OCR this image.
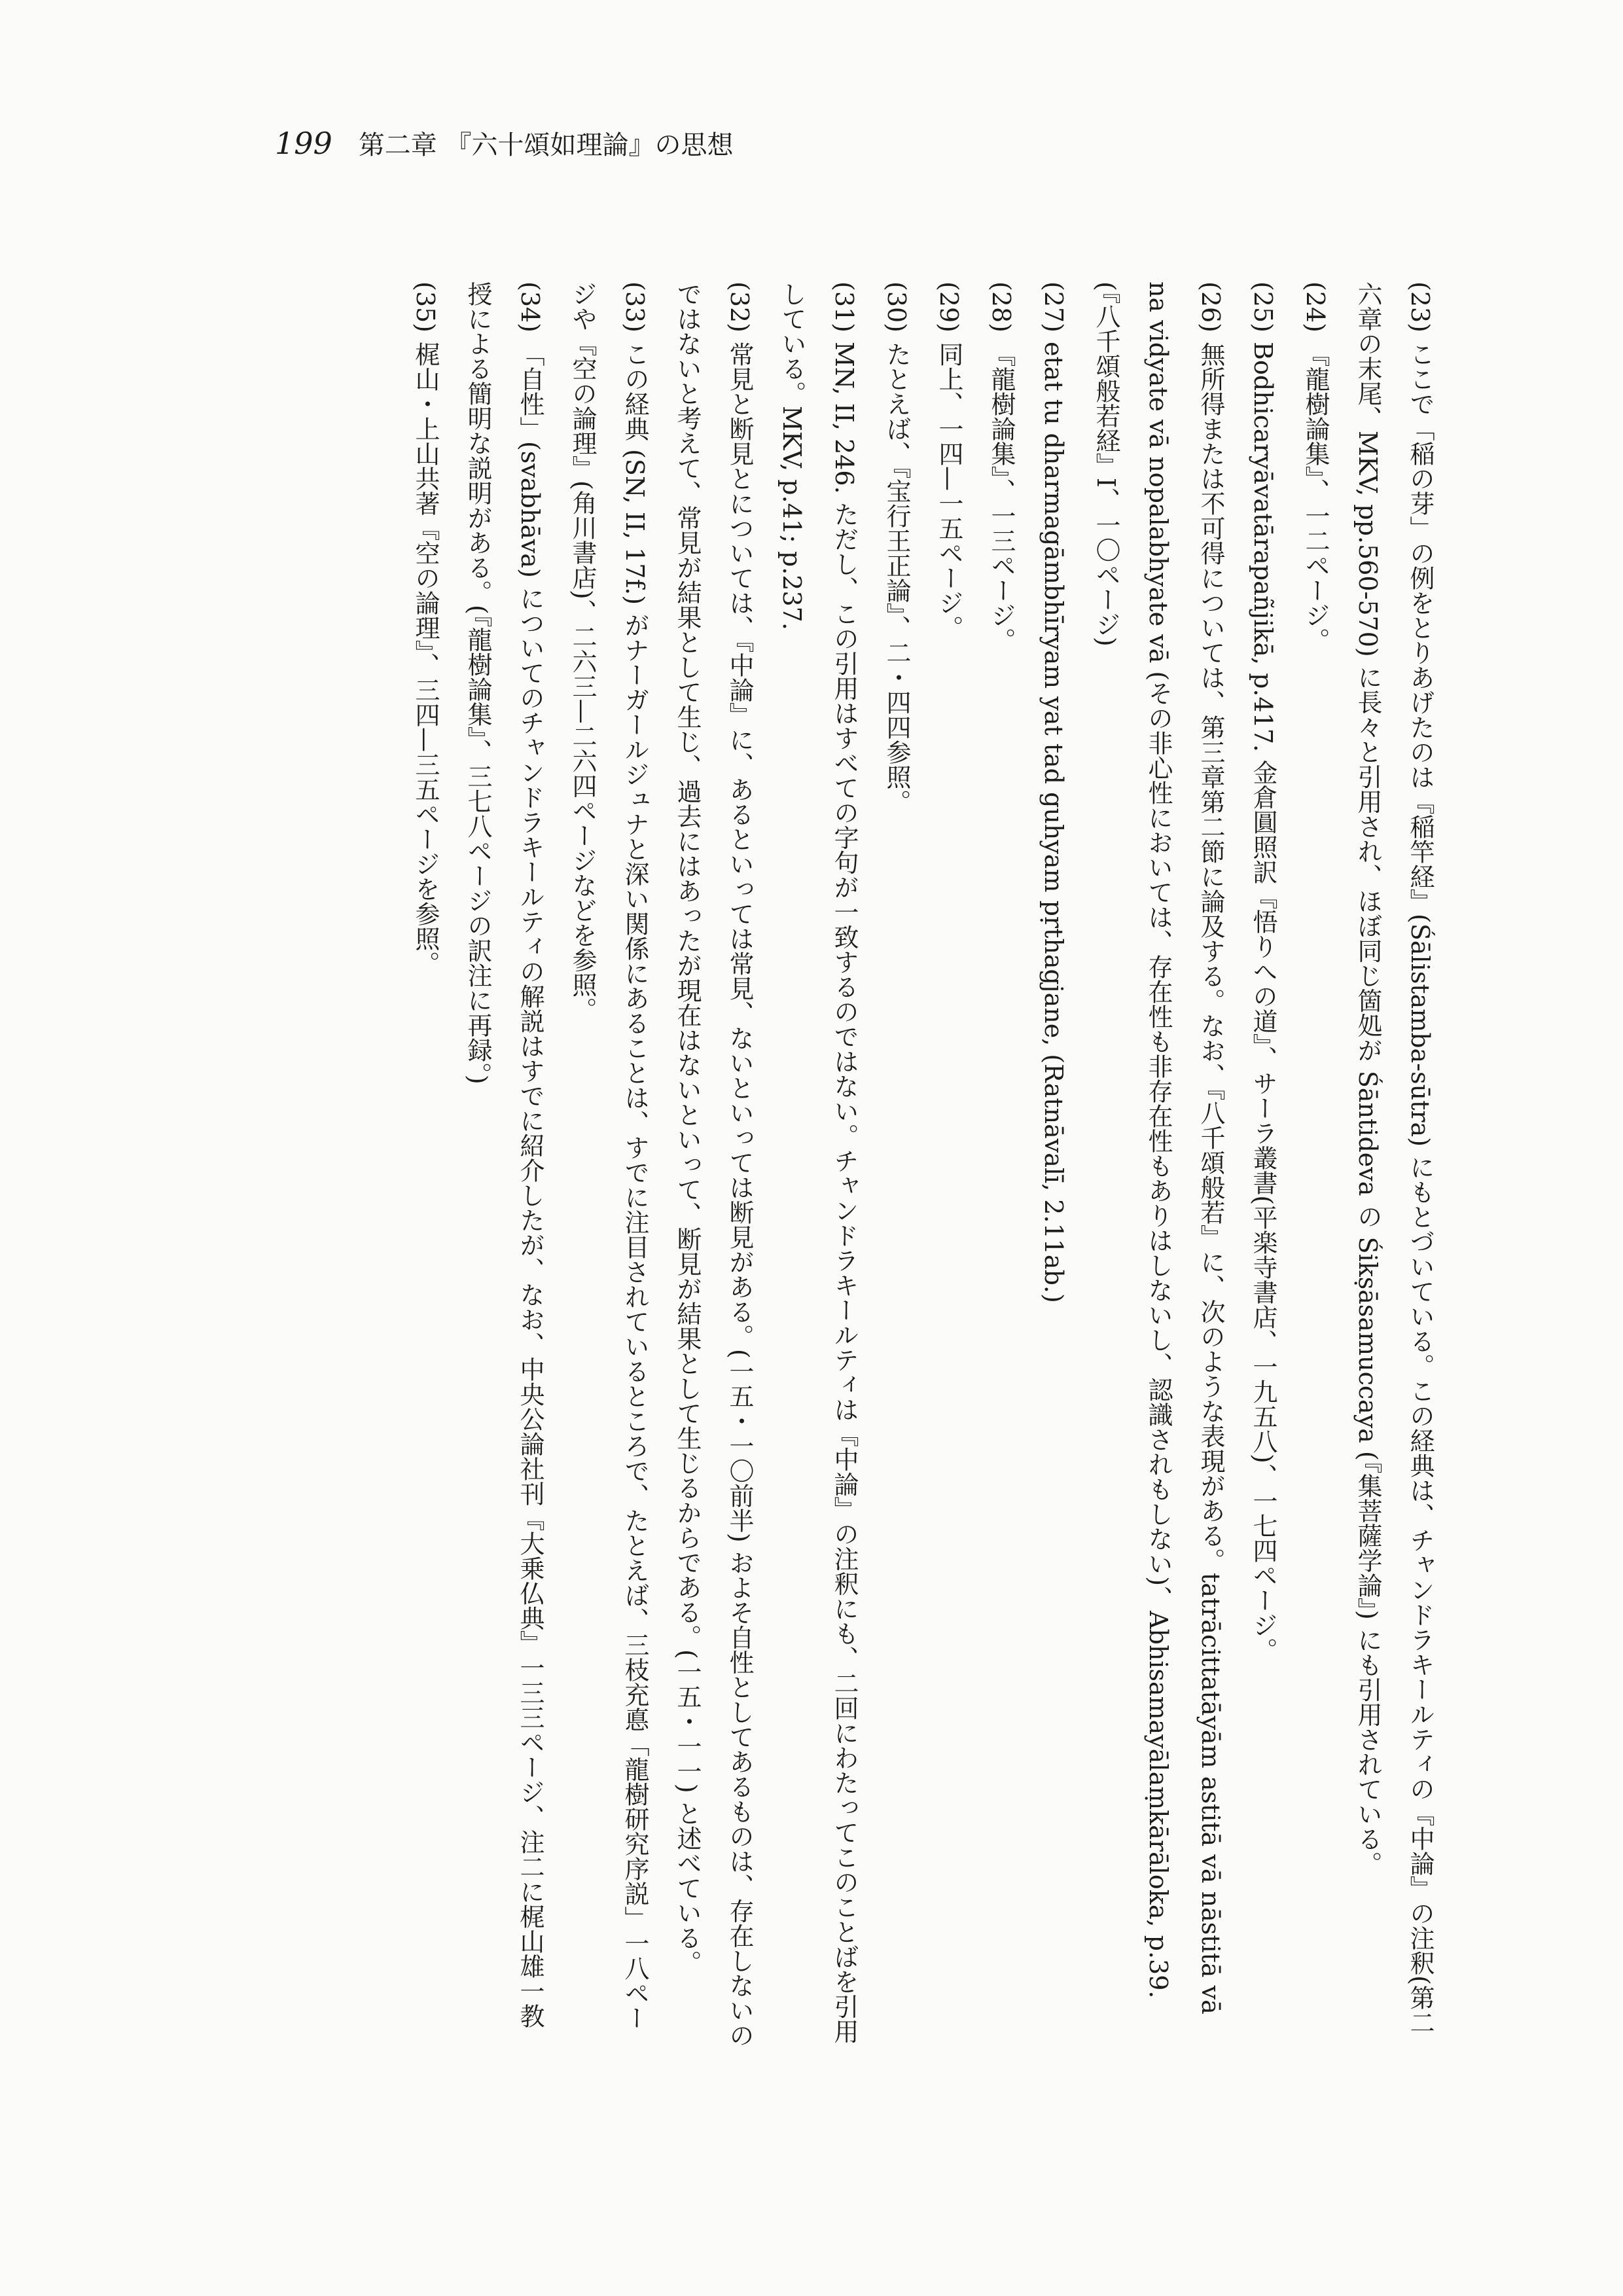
199 第二章 『六十頌如理論』の思想

(23)ここで「稲の芽」の例をとりあげたのは『稲竿経』(Śālistamba-sūtra) にもとづいている。この経典は、チャンドラキールティの『中論』の注釈(第二六章の末尾、MKV, pp.560-570) に長々と引用され、ほぼ同じ箇処が Śāntideva の Śikṣāsamuccaya (『集菩薩学論』) にも引用されている。

(24)『龍樹論集』、一二ページ。

(25)Bodhicaryāvatārapañjikā, p.417. 金倉圓照訳『悟りへの道』、サーラ叢書(平楽寺書店、一九五八)、一七四ページ。

(26)無所得または不可得については、第三章第二節に論及する。なお、『八千頌般若』に、次のような表現がある。tatrācittatāyām astitā vā nāstitā vā na vidyate vā nopalabhyate vā (その非心性においては、存在性も非存在性もありはしないし、認識されもしない)、Abhisamayālaṃkārāloka, p.39. (『八千頌般若経』I、一〇ページ)

(27)etat tu dharmagāmbhīryam yat tad guhyam pṛthagjane, (Ratnāvalī, 2.11ab.)

(28)『龍樹論集』、一三ページ。

(29)同上、一四—一五ページ。

(30)たとえば、『宝行王正論』、二・四四参照。

(31)MN, II, 246. ただし、この引用はすべての字句が一致するのではない。チャンドラキールティは『中論』の注釈にも、二回にわたってこのことばを引用している。MKV, p.41; p.237.

(32)常見と断見とについては、『中論』に、あるといっては常見、ないといっては断見がある。(一五・一〇前半) およそ自性としてあるものは、存在しないのではないと考えて、常見が結果として生じ、過去にはあったが現在はないといって、断見が結果として生じるからである。(一五・一一) と述べている。

(33)この経典 (SN, II, 17f.) がナーガールジュナと深い関係にあることは、すでに注目されているところで、たとえば、三枝充悳「龍樹研究序説」一八ページや『空の論理』(角川書店)、二六三—二六四ページなどを参照。

(34)「自性」(svabhāva) についてのチャンドラキールティの解説はすでに紹介したが、なお、中央公論社刊『大乗仏典』一三三ページ、注二に梶山雄一教授による簡明な説明がある。(『龍樹論集』、三七八ページの訳注に再録。)

(35)梶山・上山共著『空の論理』、三四—三五ページを参照。
